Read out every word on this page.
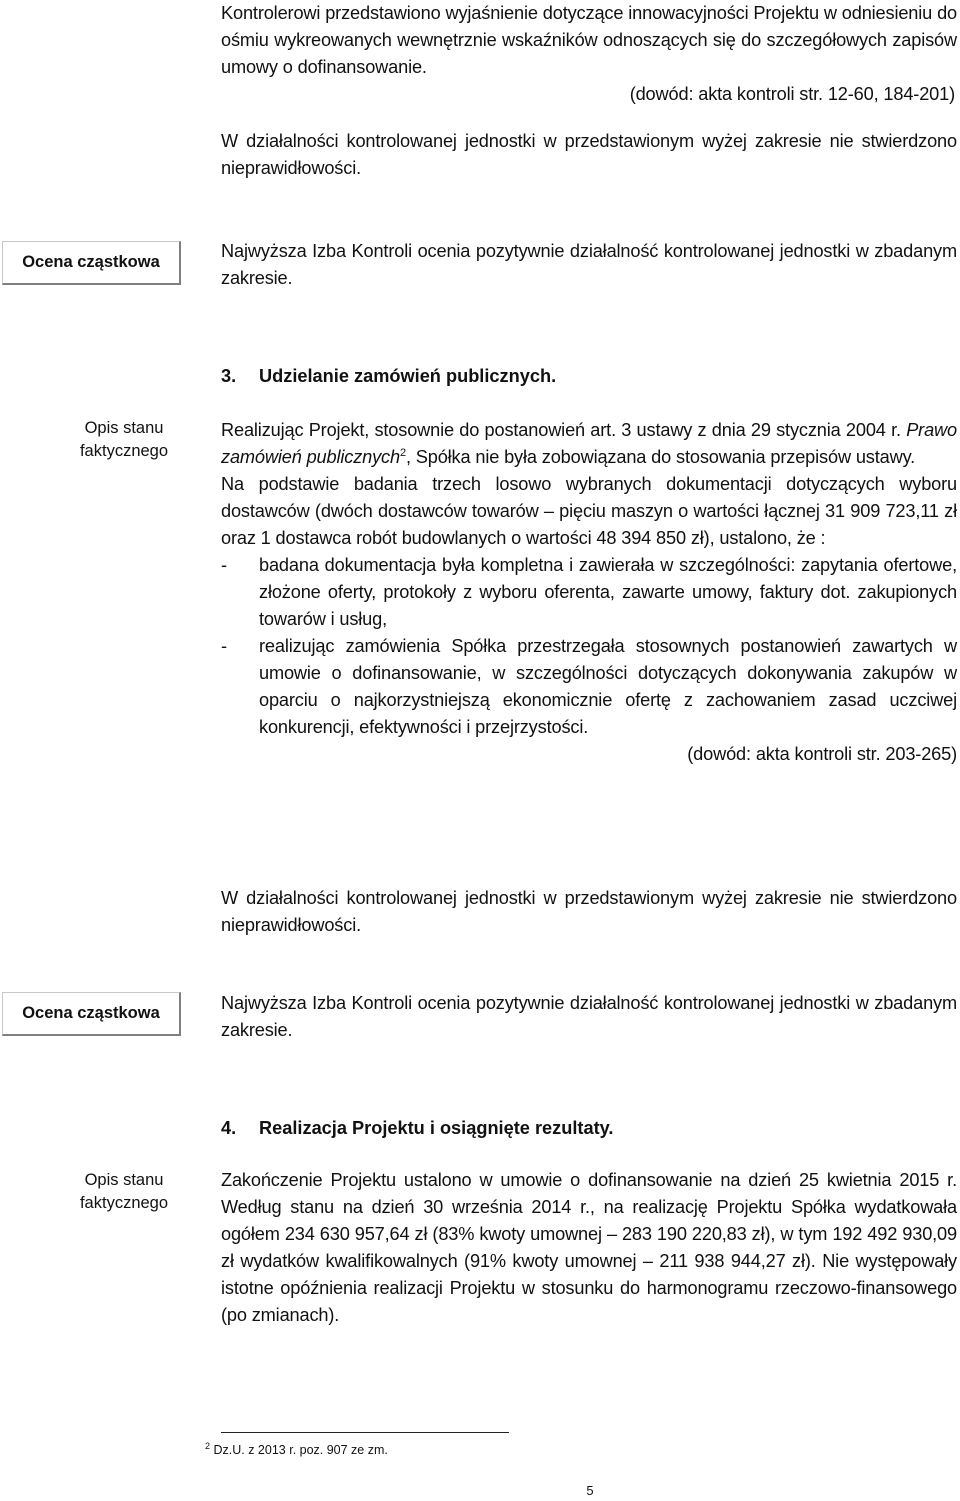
Kontrolerowi przedstawiono wyjaśnienie dotyczące innowacyjności Projektu w odniesieniu do ośmiu wykreowanych wewnętrznie wskaźników odnoszących się do szczegółowych zapisów umowy o dofinansowanie.

(dowód: akta kontroli str. 12-60, 184-201)

W działalności kontrolowanej jednostki w przedstawionym wyżej zakresie nie stwierdzono nieprawidłowości.

Ocena cząstkowa

Najwyższa Izba Kontroli ocenia pozytywnie działalność kontrolowanej jednostki w zbadanym zakresie.

3. Udzielanie zamówień publicznych.
Opis stanu
faktycznego

Realizując Projekt, stosownie do postanowień art. 3 ustawy z dnia 29 stycznia 2004 r. Prawo zamówień publicznych$^2$, Spółka nie była zobowiązana do stosowania przepisów ustawy.

Na podstawie badania trzech losowo wybranych dokumentacji dotyczących wyboru dostawców (dwóch dostawców towarów – pięciu maszyn o wartości łącznej 31 909 723,11 zł oraz 1 dostawca robót budowlanych o wartości 48 394 850 zł), ustalono, że :

-	badana dokumentacja była kompletna i zawierała w szczególności: zapytania ofertowe, złożone oferty, protokoły z wyboru oferenta, zawarte umowy, faktury dot. zakupionych towarów i usług,
-	realizując zamówienia Spółka przestrzegała stosownych postanowień zawartych w umowie o dofinansowanie, w szczególności dotyczących dokonywania zakupów w oparciu o najkorzystniejszą ekonomicznie ofertę z zachowaniem zasad uczciwej konkurencji, efektywności i przejrzystości.

(dowód: akta kontroli str. 203-265)

W działalności kontrolowanej jednostki w przedstawionym wyżej zakresie nie stwierdzono nieprawidłowości.

Ocena cząstkowa	Najwyższa Izba Kontroli ocenia pozytywnie działalność kontrolowanej jednostki w zbadanym zakresie.

4. Realizacja Projektu i osiągnięte rezultaty.
Opis stanu
faktycznego

Zakończenie Projektu ustalono w umowie o dofinansowanie na dzień 25 kwietnia 2015 r. Według stanu na dzień 30 września 2014 r., na realizację Projektu Spółka wydatkowała ogółem 234 630 957,64 zł (83% kwoty umownej – 283 190 220,83 zł), w tym 192 492 930,09 zł wydatków kwalifikowalnych (91% kwoty umownej – 211 938 944,27 zł). Nie występowały istotne opóźnienia realizacji Projektu w stosunku do harmonogramu rzeczowo-finansowego (po zmianach).

$^2$ Dz.U. z 2013 r. poz. 907 ze zm.
5
